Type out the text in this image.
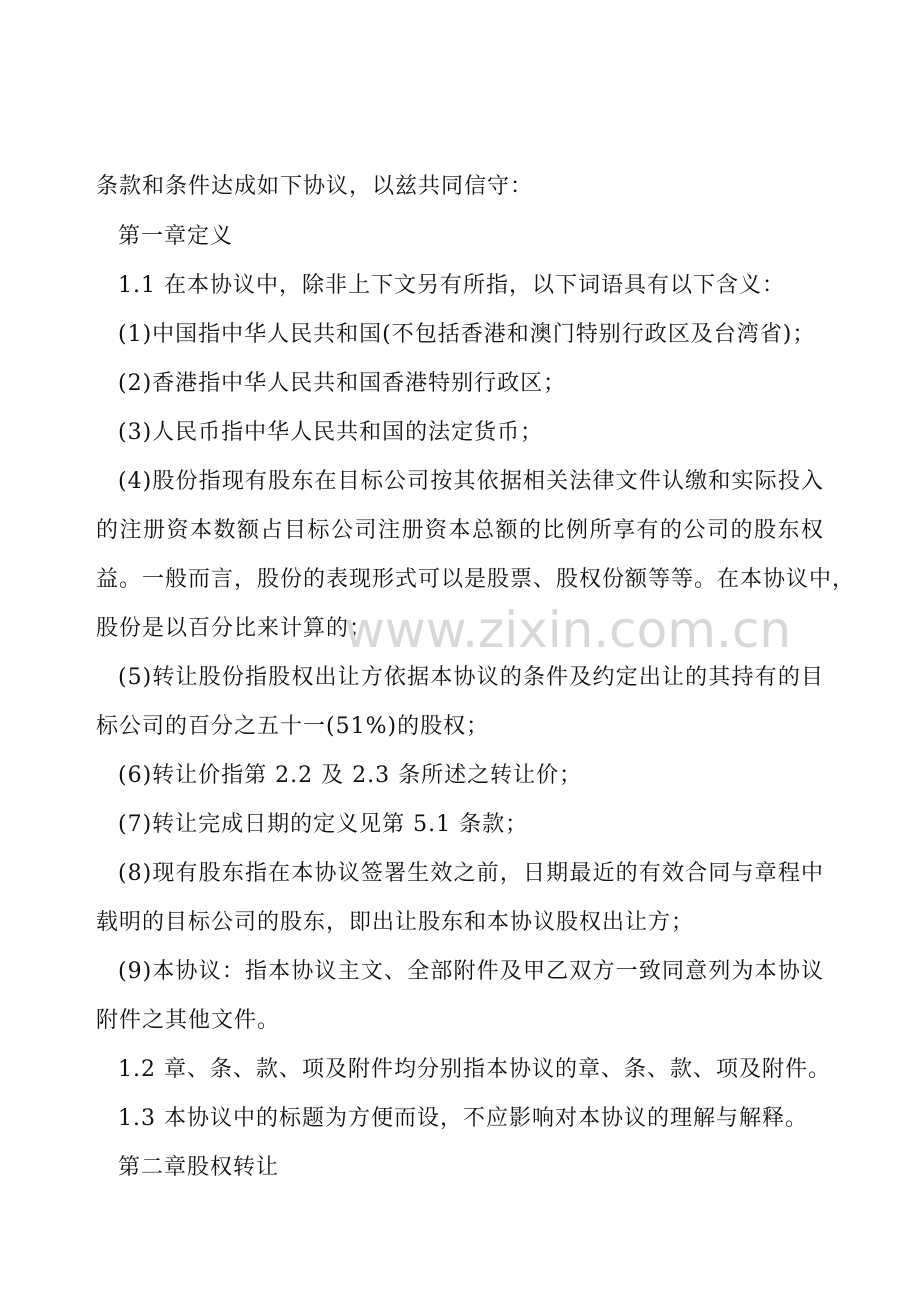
条款和条件达成如下协议，以兹共同信守：
第一章定义
1.1 在本协议中，除非上下文另有所指，以下词语具有以下含义：
(1)中国指中华人民共和国(不包括香港和澳门特别行政区及台湾省)；
(2)香港指中华人民共和国香港特别行政区；
(3)人民币指中华人民共和国的法定货币；
(4)股份指现有股东在目标公司按其依据相关法律文件认缴和实际投入
的注册资本数额占目标公司注册资本总额的比例所享有的公司的股东权
益。一般而言，股份的表现形式可以是股票、股权份额等等。在本协议中，
股份是以百分比来计算的；
(5)转让股份指股权出让方依据本协议的条件及约定出让的其持有的目
标公司的百分之五十一(51%)的股权；
(6)转让价指第 2.2 及 2.3 条所述之转让价；
(7)转让完成日期的定义见第 5.1 条款；
(8)现有股东指在本协议签署生效之前，日期最近的有效合同与章程中
载明的目标公司的股东，即出让股东和本协议股权出让方；
(9)本协议：指本协议主文、全部附件及甲乙双方一致同意列为本协议
附件之其他文件。
1.2 章、条、款、项及附件均分别指本协议的章、条、款、项及附件。
1.3 本协议中的标题为方便而设，不应影响对本协议的理解与解释。
第二章股权转让
www.zixin.com.cn
